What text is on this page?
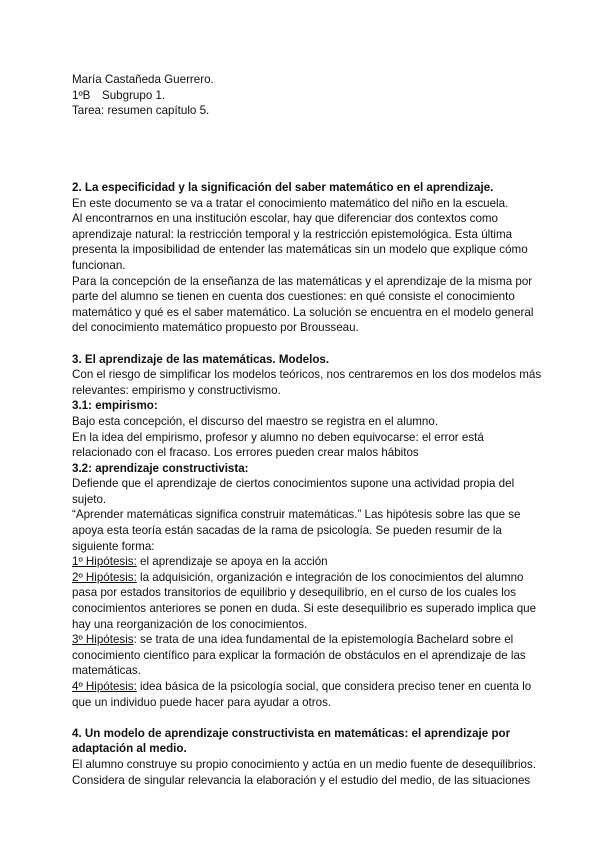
María Castañeda Guerrero.
1ºB Subgrupo 1.
Tarea: resumen capítulo 5.

2. La especificidad y la significación del saber matemático en el aprendizaje.

En este documento se va a tratar el conocimiento matemático del niño en la escuela.

Al encontrarnos en una institución escolar, hay que diferenciar dos contextos como aprendizaje natural: la restricción temporal y la restricción epistemológica. Esta última presenta la imposibilidad de entender las matemáticas sin un modelo que explique cómo funcionan.

Para la concepción de la enseñanza de las matemáticas y el aprendizaje de la misma por parte del alumno se tienen en cuenta dos cuestiones: en qué consiste el conocimiento matemático y qué es el saber matemático. La solución se encuentra en el modelo general del conocimiento matemático propuesto por Brousseau.

3. El aprendizaje de las matemáticas. Modelos.

Con el riesgo de simplificar los modelos teóricos, nos centraremos en los dos modelos más relevantes: empirismo y constructivismo.

3.1: empirismo:

Bajo esta concepción, el discurso del maestro se registra en el alumno.

En la idea del empirismo, profesor y alumno no deben equivocarse: el error está relacionado con el fracaso. Los errores pueden crear malos hábitos

3.2: aprendizaje constructivista:

Defiende que el aprendizaje de ciertos conocimientos supone una actividad propia del sujeto.

“Aprender matemáticas significa construir matemáticas.” Las hipótesis sobre las que se apoya esta teoría están sacadas de la rama de psicología. Se pueden resumir de la siguiente forma:

1º Hipótesis: el aprendizaje se apoya en la acción

2º Hipótesis: la adquisición, organización e integración de los conocimientos del alumno pasa por estados transitorios de equilibrio y desequilibrio, en el curso de los cuales los conocimientos anteriores se ponen en duda. Si este desequilibrio es superado implica que hay una reorganización de los conocimientos.

3º Hipótesis: se trata de una idea fundamental de la epistemología Bachelard sobre el conocimiento científico para explicar la formación de obstáculos en el aprendizaje de las matemáticas.

4º Hipótesis: idea básica de la psicología social, que considera preciso tener en cuenta lo que un individuo puede hacer para ayudar a otros.

4. Un modelo de aprendizaje constructivista en matemáticas: el aprendizaje por adaptación al medio.

El alumno construye su propio conocimiento y actúa en un medio fuente de desequilibrios. Considera de singular relevancia la elaboración y el estudio del medio, de las situaciones
